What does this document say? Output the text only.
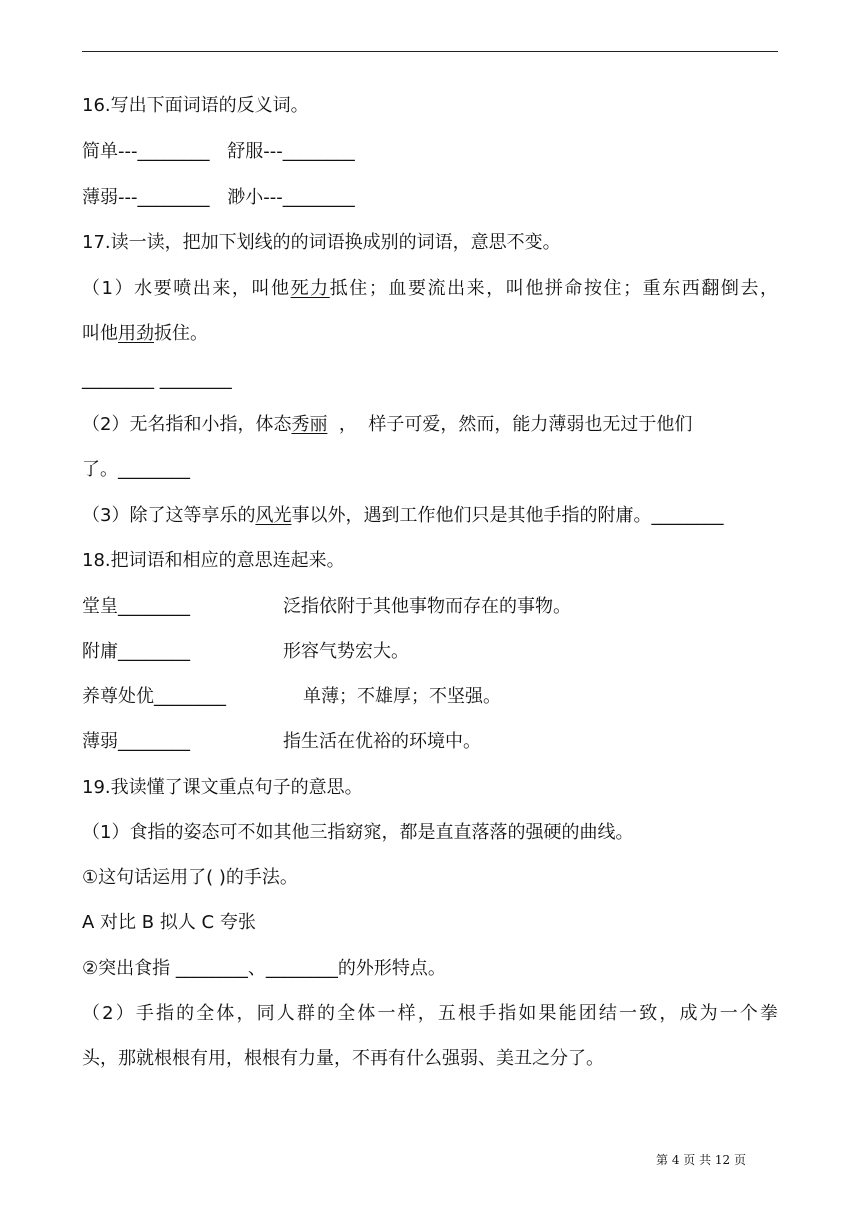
16.写出下面词语的反义词。
简单---________ 舒服---________
薄弱---________ 渺小---________
17.读一读，把加下划线的的词语换成别的词语，意思不变。
（1）水要喷出来，叫他死力抵住；血要流出来，叫他拼命按住；重东西翻倒去，
叫他用劲扳住。
________ ________
（2）无名指和小指，体态秀丽  ，  样子可爱，然而，能力薄弱也无过于他们
了。________
（3）除了这等享乐的风光事以外，遇到工作他们只是其他手指的附庸。________
18.把词语和相应的意思连起来。
堂皇________	泛指依附于其他事物而存在的事物。
附庸________	形容气势宏大。
养尊处优________	单薄；不雄厚；不坚强。
薄弱________	指生活在优裕的环境中。
19.我读懂了课文重点句子的意思。
（1）食指的姿态可不如其他三指窈窕，都是直直落落的强硬的曲线。
①这句话运用了( )的手法。
A 对比 B 拟人 C 夸张
②突出食指 ________、________的外形特点。
（2）手指的全体，同人群的全体一样，五根手指如果能团结一致，成为一个拳
头，那就根根有用，根根有力量，不再有什么强弱、美丑之分了。
第 4 页 共 12 页
